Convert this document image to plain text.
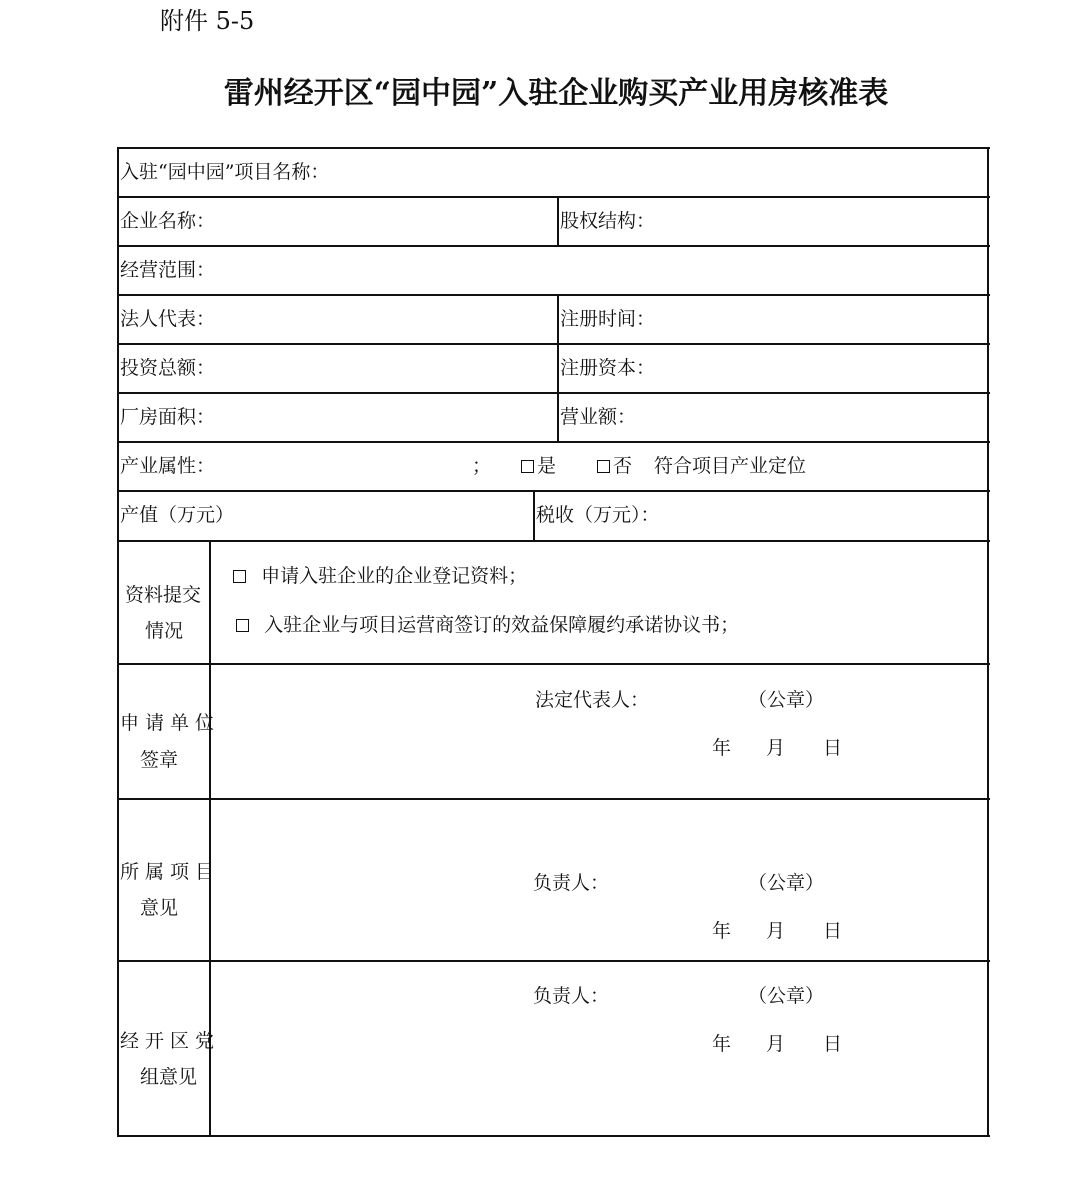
附件 5-5
雷州经开区“园中园”入驻企业购买产业用房核准表
入驻“园中园”项目名称：
企业名称：	股权结构：
经营范围：
法人代表：	注册时间：
投资总额：	注册资本：
厂房面积：	营业额：
产业属性：	；	是	否 符合项目产业定位
产值（万元）	税收（万元）：
资料提交
情况
申请入驻企业的企业登记资料；
入驻企业与项目运营商签订的效益保障履约承诺协议书；
申请单位
签章
法定代表人：	（公章）
年 月 日
所属项目
意见
负责人：	（公章）
年 月 日
经开区党
组意见
负责人：	（公章）
年 月 日
